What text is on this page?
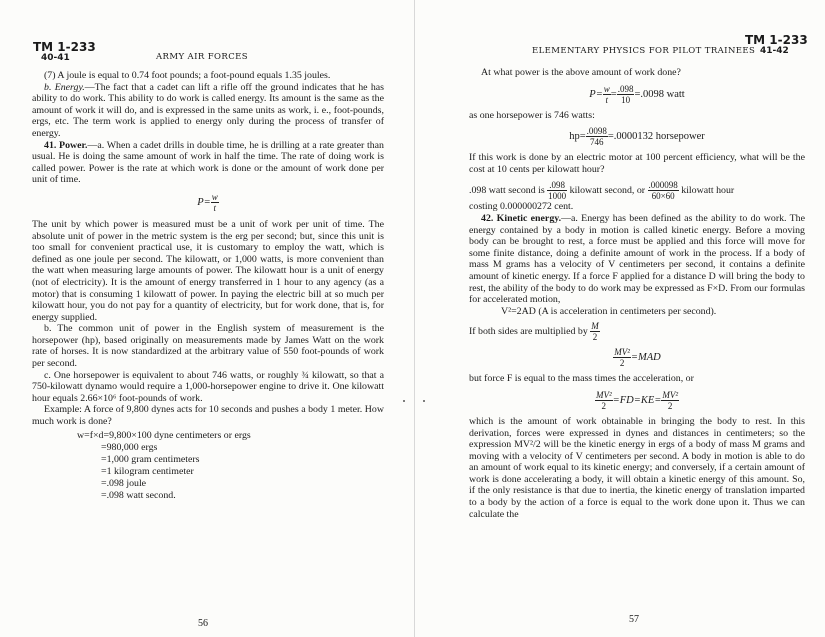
TM 1-233
40-41	ARMY AIR FORCES

(7) A joule is equal to 0.74 foot pounds; a foot-pound equals 1.35 joules.

b. Energy.—The fact that a cadet can lift a rifle off the ground indicates that he has ability to do work. This ability to do work is called energy. Its amount is the same as the amount of work it will do, and is expressed in the same units as work, i. e., foot-pounds, ergs, etc. The term work is applied to energy only during the process of transfer of energy.

41. Power.—a. When a cadet drills in double time, he is drilling at a rate greater than usual. He is doing the same amount of work in half the time. The rate of doing work is called power. Power is the rate at which work is done or the amount of work done per unit of time.

$P= \frac{w}{t}$

The unit by which power is measured must be a unit of work per unit of time. The absolute unit of power in the metric system is the erg per second; but, since this unit is too small for convenient practical use, it is customary to employ the watt, which is defined as one joule per second. The kilowatt, or 1,000 watts, is more convenient than the watt when measuring large amounts of power. The kilowatt hour is a unit of energy (not of electricity). It is the amount of energy transferred in 1 hour to any agency (as a motor) that is consuming 1 kilowatt of power. In paying the electric bill at so much per kilowatt hour, you do not pay for a quantity of electricity, but for work done, that is, for energy supplied.

b. The common unit of power in the English system of measurement is the horsepower (hp), based originally on measurements made by James Watt on the work rate of horses. It is now standardized at the arbitrary value of 550 foot-pounds of work per second.

c. One horsepower is equivalent to about 746 watts, or roughly ¾ kilowatt, so that a 750-kilowatt dynamo would require a 1,000-horsepower engine to drive it. One kilowatt hour equals 2.66×10⁶ foot-pounds of work.

Example: A force of 9,800 dynes acts for 10 seconds and pushes a body 1 meter. How much work is done?

w=f×d=9,800×100 dyne centimeters or ergs
=980,000 ergs
=1,000 gram centimeters
=1 kilogram centimeter
=.098 joule
=.098 watt second.
56
TM 1-233
ELEMENTARY PHYSICS FOR PILOT TRAINEES 41-42

At what power is the above amount of work done?

$P= \frac{w}{t} = \frac{.098}{10} =.0098$ watt

as one horsepower is 746 watts:

$hp= \frac{.0098}{746} =.0000132$ horsepower

If this work is done by an electric motor at 100 percent efficiency, what will be the cost at 10 cents per kilowatt hour?

.098 watt second is $\frac{.098}{1000}$ kilowatt second, or $\frac{.000098}{60\times 60}$ kilowatt hour

costing 0.000000272 cent.

42. Kinetic energy.—a. Energy has been defined as the ability to do work. The energy contained by a body in motion is called kinetic energy. Before a moving body can be brought to rest, a force must be applied and this force will move for some finite distance, doing a definite amount of work in the process. If a body of mass M grams has a velocity of V centimeters per second, it contains a definite amount of kinetic energy. If a force F applied for a distance D will bring the body to rest, the ability of the body to do work may be expressed as F×D. From our formulas for accelerated motion,

V²=2AD (A is acceleration in centimeters per second).
If both sides are multiplied by $\frac{M}{2}$
$\frac{\text{MV²}}{2} =MAD$

but force F is equal to the mass times the acceleration, or

$\frac{\text{MV²}}{2} =FD=KE= \frac{\text{MV²}}{2}$

which is the amount of work obtainable in bringing the body to rest. In this derivation, forces were expressed in dynes and distances in centimeters; so the expression MV²/2 will be the kinetic energy in ergs of a body of mass M grams and moving with a velocity of V centimeters per second. A body in motion is able to do an amount of work equal to its kinetic energy; and conversely, if a certain amount of work is done accelerating a body, it will obtain a kinetic energy of this amount. So, if the only resistance is that due to inertia, the kinetic energy of translation imparted to a body by the action of a force is equal to the work done upon it. Thus we can calculate the

57
